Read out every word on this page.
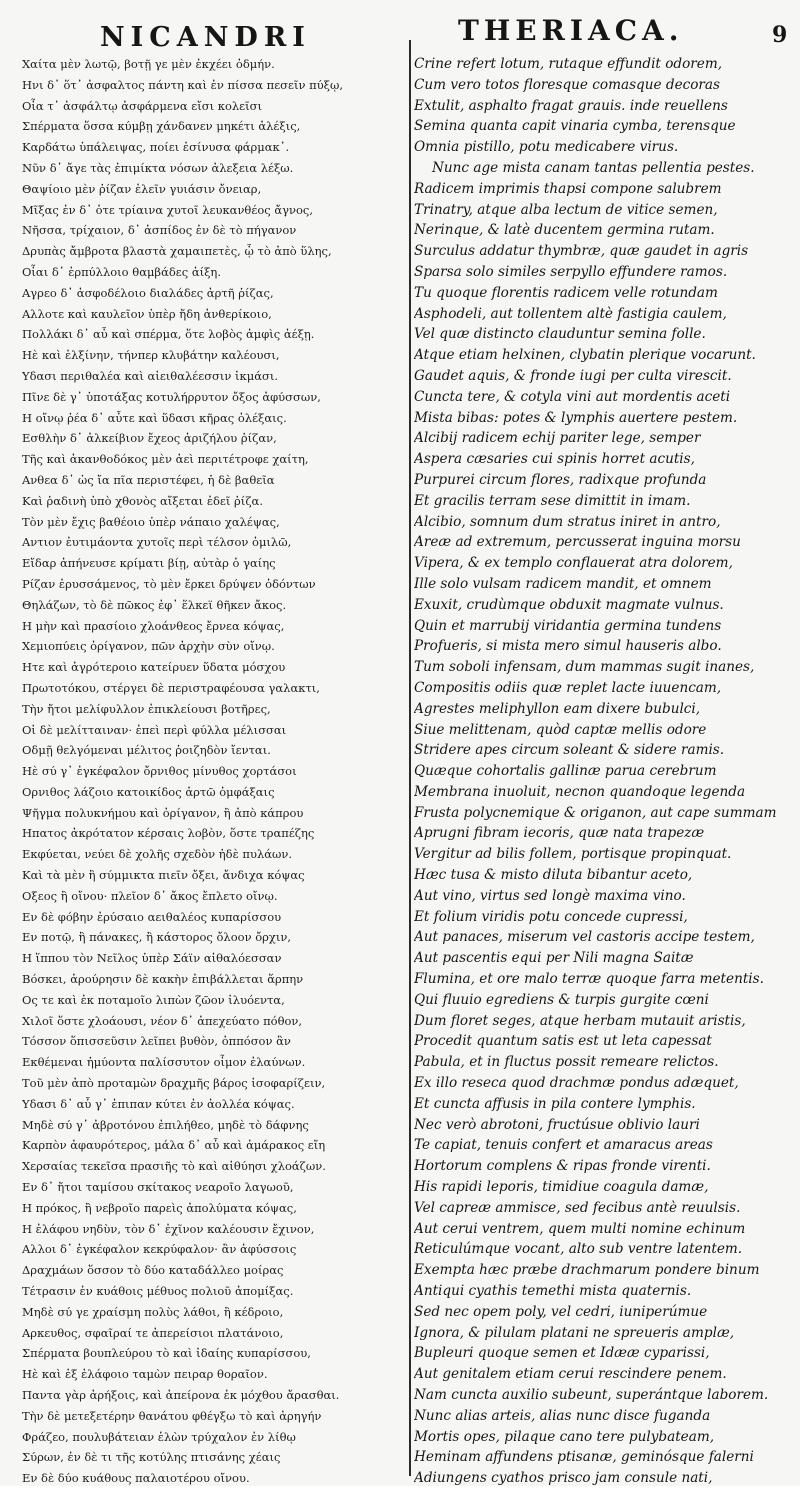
NICANDRI	THERIACA.	9
Χαίτα μὲν λωτῷ, βοτῇ γε μὲν ἐκχέει ὀδμήν.
Ηνι δ᾽ ὅτ᾽ ἀσφαλτος πάντη καὶ ἐν πίσσα πεσεῖν πύξῳ,
Οἷα τ᾽ ἀσφάλτῳ ἀσφάρμενα εἴσι κολεῖσι
Σπέρματα ὅσσα κύμβῃ χάνδανεν μηκέτι ἀλέξις,
Καρδάτω ὑπάλειψας, ποίει ἐσίνυσα φάρμακ᾽.
Νῦν δ᾽ ἄγε τὰς ἐπιμίκτα νόσων ἀλεξεια λέξω.
Θαψίοιο μὲν ῥίζαν ἑλεῖν γυιάσιν ὄνειαρ,
Μῖξας ἐν δ᾽ ὁτε τρίαινα χυτοῖ λευκανθέος ἄγνος,
Νῆσσα, τρίχαιον, δ᾽ ἀσπίδος ἐν δὲ τὸ πήγανον
Δρυπὰς ἄμβροτα βλαστὰ χαμαιπετὲς, ᾧ τὸ ἀπὸ ὕλης,
Οἷαι δ᾽ ἑρπύλλοιο θαμβάδες ἀίξη.
Αγρεο δ᾽ ἀσφοδέλοιο διαλάδες ἀρτῆ ῥίζας,
Αλλοτε καὶ καυλεῖον ὑπὲρ ἤδη ἀνθερίκοιο,
Πολλάκι δ᾽ αὖ καὶ σπέρμα, ὅτε λοβὸς ἀμφὶς ἀέξῃ.
Ηὲ καὶ ἑλξίνην, τήνπερ κλυβάτην καλέουσι,
Υδασι περιθαλέα καὶ αἰειθαλέεσσιν ἰκμάσι.
Πῖνε δὲ γ᾽ ὑποτάξας κοτυλήρρυτον ὄξος ἀφύσσων,
Η οἴνῳ ῥέα δ᾽ αὖτε καὶ ὕδασι κῆρας ὀλέξαις.
Εσθλὴν δ᾽ ἀλκείβιον ἔχεος ἀριζήλου ῥίζαν,
Τῆς καὶ ἀκανθοδόκος μὲν ἀεὶ περιτέτροφε χαίτη,
Ανθεα δ᾽ ὡς ἴα πῖα περιστέφει, ἡ δὲ βαθεῖα
Καὶ ῥαδινὴ ὑπὸ χθονὸς αἴξεται ἐδεῖ ῥίζα.
Τὸν μὲν ἔχις βαθέοιο ὑπὲρ νάπαιο χαλέψας,
Αντιον ἐυτιμάοντα χυτοῖς περὶ τέλσον ὁμιλῶ,
Εἴδαρ ἀπήνευσε κρίματι βίῃ, αὐτὰρ ὁ γαίης
Ρίζαν ἐρυσσάμενος, τὸ μὲν ἔρκει δρύψεν ὀδόντων
Θηλάζων, τὸ δὲ πῶκος ἐφ᾽ ἕλκεϊ θῆκεν ἄκος.
Η μὴν καὶ πρασίοιο χλοάνθεος ἔρνεα κόψας,
Χεμιοπύεις ὀρίγανον, πῶν ἀρχὴν σὺν οἴνῳ.
Ητε καὶ ἀγρότεροιο κατείρυεν ὕδατα μόσχου
Πρωτοτόκου, στέργει δὲ περιστραφέουσα γαλακτι,
Τὴν ἤτοι μελίφυλλον ἐπικλείουσι βοτῆρες,
Οἱ δὲ μελίτταιναν· ἐπεὶ περὶ φύλλα μέλισσαι
Οδμῇ θελγόμεναι μέλιτος ῥοιζηδὸν ἴενται.
Ηὲ σύ γ᾽ ἐγκέφαλον ὄρνιθος μίνυθος χορτάσοι
Ορνιθος λάζοιο κατοικίδος ἀρτῶ ὀμφάξαις
Ψῆγμα πολυκνήμου καὶ ὀρίγανον, ἢ ἀπὸ κάπρου
Ηπατος ἀκρότατον κέρσαις λοβὸν, ὅστε τραπέζης
Εκφύεται, νεύει δὲ χολῆς σχεδὸν ἠδὲ πυλάων.
Καὶ τὰ μὲν ἢ σύμμικτα πιεῖν ὄξει, ἄνδιχα κόψας
Οξεος ἢ οἴνου· πλεῖον δ᾽ ἄκος ἔπλετο οἴνῳ.
Εν δὲ φόβην ἐρύσαιο αειθαλέος κυπαρίσσου
Εν ποτῷ, ἢ πάνακες, ἢ κάστορος ὄλοον ὄρχιν,
Η ἵππου τὸν Νεῖλος ὑπὲρ Σάϊν αἰθαλόεσσαν
Βόσκει, ἀρούρησιν δὲ κακὴν ἐπιβάλλεται ἅρπην
Ος τε καὶ ἐκ ποταμοῖο λιπὼν ζῶον ἰλυόεντα,
Χιλοῖ ὅστε χλοάουσι, νέον δ᾽ ἀπεχεύατο πόθον,
Τόσσον ὅπισσεῦσιν λεῖπει βυθὸν, ὁππόσον ἂν
Εκθέμεναι ἠμύοντα παλίσσυτον οἶμον ἐλαύνων.
Τοῦ μὲν ἀπὸ προταμὼν δραχμῆς βάρος ἰσοφαρίζειν,
Υδασι δ᾽ αὖ γ᾽ ἐπιπαν κύτει ἐν ἀολλέα κόψας.
Μηδὲ σύ γ᾽ ἀβροτόνου ἐπιλήθεο, μηδὲ τὸ δάφνης
Καρπὸν ἀφαυρότερος, μάλα δ᾽ αὖ καὶ ἀμάρακος εἴη
Χερσαίας τεκεῖσα πρασιῆς τὸ καὶ αἰθύησι χλοάζων.
Εν δ᾽ ἤτοι ταμίσου σκίτακος νεαροῖο λαγωοῦ,
Η πρόκος, ἢ νεβροῖο παρεὶς ἀπολύματα κόψας,
Η ἐλάφου νηδὺν, τὸν δ᾽ ἐχῖνον καλέουσιν ἔχινον,
Αλλοι δ᾽ ἐγκέφαλον κεκρύφαλον· ἂν ἀφύσσοις
Δραχμάων ὅσσον τὸ δύο καταδάλλεο μοίρας
Τέτρασιν ἐν κυάθοις μέθυος πολιοῦ ἀπομίξας.
Μηδὲ σύ γε χραίσμη πολὺς λάθοι, ἢ κέδροιο,
Αρκευθος, σφαῖραί τε ἀπερείσιοι πλατάνοιο,
Σπέρματα βουπλεύρου τὸ καὶ ἰδαίης κυπαρίσσου,
Ηὲ καὶ ἐξ ἐλάφοιο ταμὼν πειραρ θοραῖον.
Παντα γὰρ ἀρήξοις, καὶ ἀπείρονα ἐκ μόχθου ἄρασθαι.
Τὴν δὲ μετεξετέρην θανάτου φθέγξω τὸ καὶ ἀρηγήν
Φράζεο, πουλυβάτειαν ἑλὼν τρύχαλον ἐν λίθῳ
Σύρων, ἐν δὲ τι τῆς κοτύλης πτισάνης χέαις
Εν δὲ δύο κυάθους παλαιοτέρου οἴνου.
Crine refert lotum, rutaque effundit odorem,
Cum vero totos floresque comasque decoras
Extulit, asphalto fragat grauis. inde reuellens
Semina quanta capit vinaria cymba, terensque
Omnia pistillo, potu medicabere virus.
Nunc age mista canam tantas pellentia pestes.
Radicem imprimis thapsi compone salubrem
Trinatry, atque alba lectum de vitice semen,
Nerinque, & latè ducentem germina rutam.
Surculus addatur thymbræ, quæ gaudet in agris
Sparsa solo similes serpyllo effundere ramos.
Tu quoque florentis radicem velle rotundam
Asphodeli, aut tollentem altè fastigia caulem,
Vel quæ distincto clauduntur semina folle.
Atque etiam helxinen, clybatin plerique vocarunt.
Gaudet aquis, & fronde iugi per culta virescit.
Cuncta tere, & cotyla vini aut mordentis aceti
Mista bibas: potes & lymphis auertere pestem.
Alcibij radicem echij pariter lege, semper
Aspera cæsaries cui spinis horret acutis,
Purpurei circum flores, radixque profunda
Et gracilis terram sese dimittit in imam.
Alcibio, somnum dum stratus iniret in antro,
Areæ ad extremum, percusserat inguina morsu
Vipera, & ex templo conflauerat atra dolorem,
Ille solo vulsam radicem mandit, et omnem
Exuxit, crudùmque obduxit magmate vulnus.
Quin et marrubij viridantia germina tundens
Profueris, si mista mero simul hauseris albo.
Tum soboli infensam, dum mammas sugit inanes,
Compositis odiis quæ replet lacte iuuencam,
Agrestes meliphyllon eam dixere bubulci,
Siue melittenam, quòd captæ mellis odore
Stridere apes circum soleant & sidere ramis.
Quæque cohortalis gallinæ parua cerebrum
Membrana inuoluit, necnon quandoque legenda
Frusta polycnemique & origanon, aut cape summam
Aprugni fibram iecoris, quæ nata trapezæ
Vergitur ad bilis follem, portisque propinquat.
Hæc tusa & misto diluta bibantur aceto,
Aut vino, virtus sed longè maxima vino.
Et folium viridis potu concede cupressi,
Aut panaces, miserum vel castoris accipe testem,
Aut pascentis equi per Nili magna Saitæ
Flumina, et ore malo terræ quoque farra metentis.
Qui fluuio egrediens & turpis gurgite cœni
Dum floret seges, atque herbam mutauit aristis,
Procedit quantum satis est ut leta capessat
Pabula, et in fluctus possit remeare relictos.
Ex illo reseca quod drachmæ pondus adæquet,
Et cuncta affusis in pila contere lymphis.
Nec verò abrotoni, fructúsue oblivio lauri
Te capiat, tenuis confert et amaracus areas
Hortorum complens & ripas fronde virenti.
His rapidi leporis, timidiue coagula damæ,
Vel capreæ ammisce, sed fecibus antè reuulsis.
Aut cerui ventrem, quem multi nomine echinum
Reticulúmque vocant, alto sub ventre latentem.
Exempta hæc præbe drachmarum pondere binum
Antiqui cyathis temethi mista quaternis.
Sed nec opem poly, vel cedri, iuniperúmue
Ignora, & pilulam platani ne spreueris amplæ,
Bupleuri quoque semen et Idææ cyparissi,
Aut genitalem etiam cerui rescindere penem.
Nam cuncta auxilio subeunt, superántque laborem.
Nunc alias arteis, alias nunc disce fuganda
Mortis opes, pilaque cano tere pulybateam,
Heminam affundens ptisanæ, geminósque falerni
Adiungens cyathos prisco jam consule nati,
